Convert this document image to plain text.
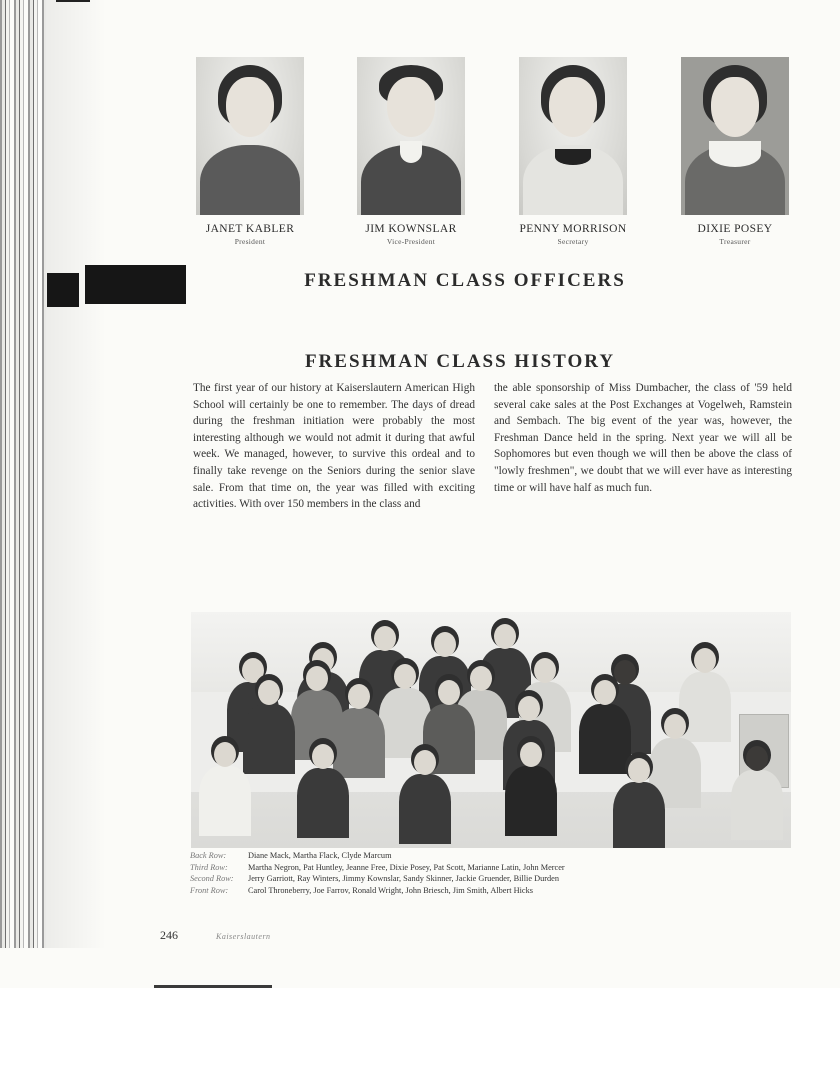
JANET KABLER
President
JIM KOWNSLAR
Vice-President
PENNY MORRISON
Secretary
DIXIE POSEY
Treasurer
FRESHMAN CLASS OFFICERS
FRESHMAN CLASS HISTORY
The first year of our history at Kaiserslautern American High School will certainly be one to remember. The days of dread during the freshman initiation were probably the most interesting although we would not admit it during that awful week. We managed, however, to survive this ordeal and to finally take revenge on the Seniors during the senior slave sale. From that time on, the year was filled with exciting activities. With over 150 members in the class and
the able sponsorship of Miss Dumbacher, the class of '59 held several cake sales at the Post Exchanges at Vogelweh, Ramstein and Sembach. The big event of the year was, however, the Freshman Dance held in the spring. Next year we will all be Sophomores but even though we will then be above the class of "lowly freshmen", we doubt that we will ever have as interesting time or will have half as much fun.
Back Row:	Diane Mack, Martha Flack, Clyde Marcum
Third Row: Martha Negron, Pat Huntley, Jeanne Free, Dixie Posey, Pat Scott, Marianne Latin, John Mercer
Second Row: Jerry Garriott, Ray Winters, Jimmy Kownslar, Sandy Skinner, Jackie Gruender, Billie Durden
Front Row: Carol Throneberry, Joe Farrov, Ronald Wright, John Briesch, Jim Smith, Albert Hicks
246	Kaiserslautern
